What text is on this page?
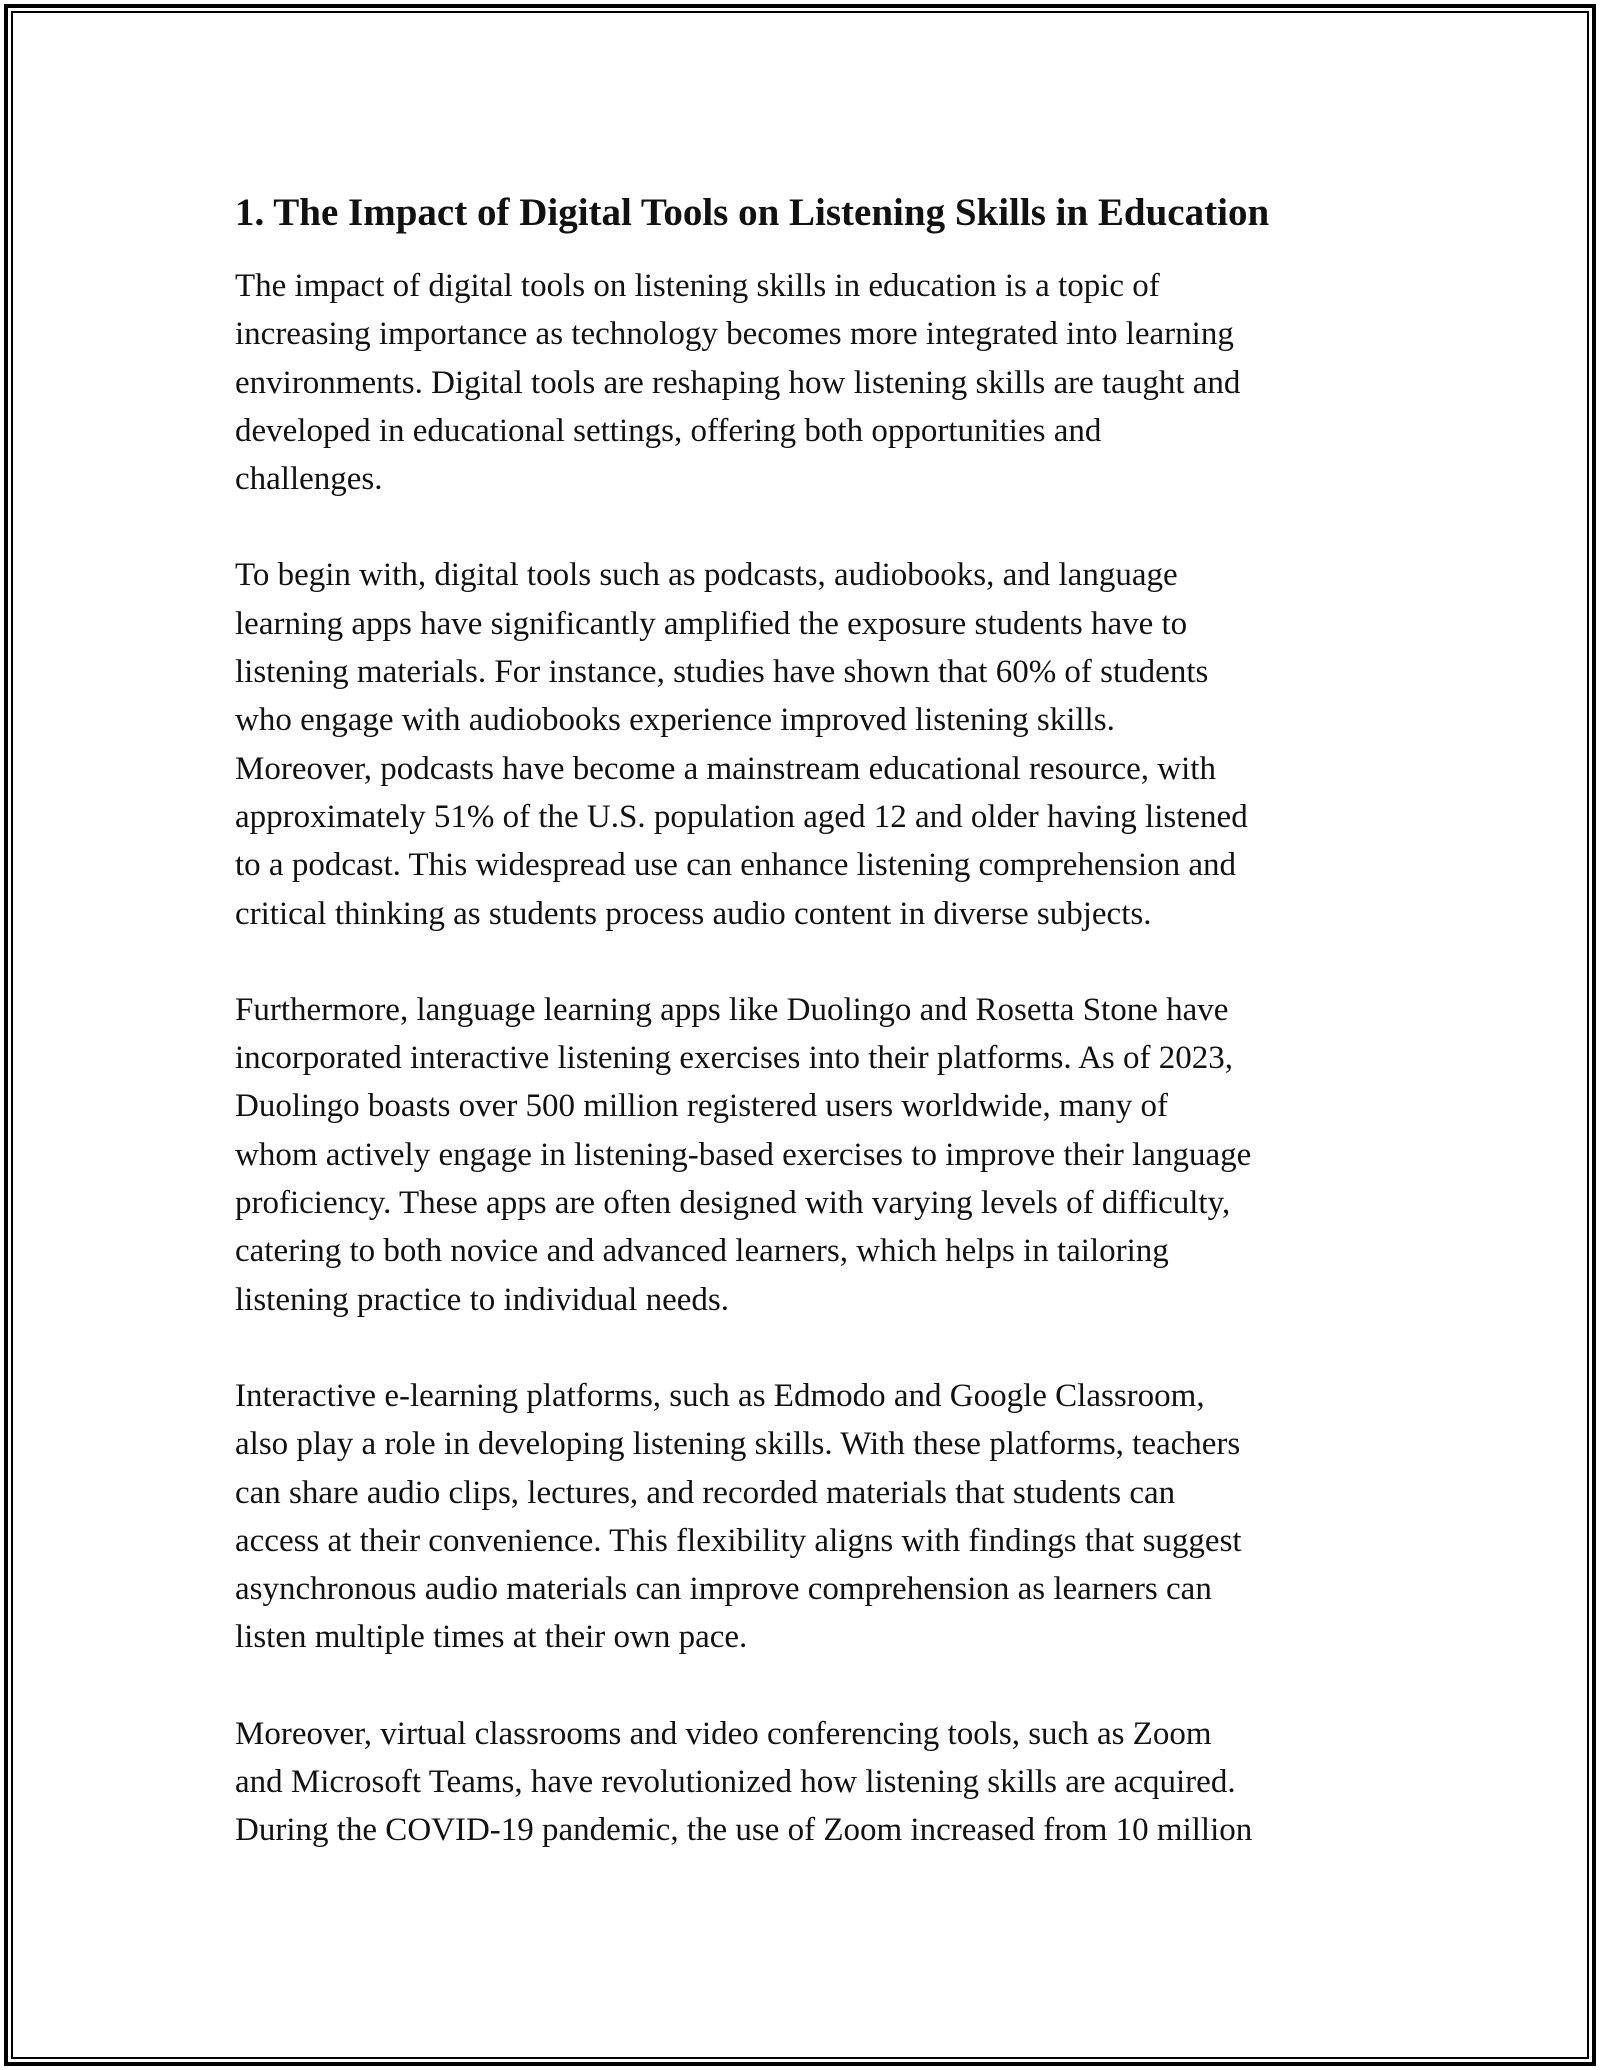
1. The Impact of Digital Tools on Listening Skills in Education

The impact of digital tools on listening skills in education is a topic of
increasing importance as technology becomes more integrated into learning
environments. Digital tools are reshaping how listening skills are taught and
developed in educational settings, offering both opportunities and
challenges.

To begin with, digital tools such as podcasts, audiobooks, and language
learning apps have significantly amplified the exposure students have to
listening materials. For instance, studies have shown that 60% of students
who engage with audiobooks experience improved listening skills.
Moreover, podcasts have become a mainstream educational resource, with
approximately 51% of the U.S. population aged 12 and older having listened
to a podcast. This widespread use can enhance listening comprehension and
critical thinking as students process audio content in diverse subjects.

Furthermore, language learning apps like Duolingo and Rosetta Stone have
incorporated interactive listening exercises into their platforms. As of 2023,
Duolingo boasts over 500 million registered users worldwide, many of
whom actively engage in listening-based exercises to improve their language
proficiency. These apps are often designed with varying levels of difficulty,
catering to both novice and advanced learners, which helps in tailoring
listening practice to individual needs.

Interactive e-learning platforms, such as Edmodo and Google Classroom,
also play a role in developing listening skills. With these platforms, teachers
can share audio clips, lectures, and recorded materials that students can
access at their convenience. This flexibility aligns with findings that suggest
asynchronous audio materials can improve comprehension as learners can
listen multiple times at their own pace.

Moreover, virtual classrooms and video conferencing tools, such as Zoom
and Microsoft Teams, have revolutionized how listening skills are acquired.
During the COVID-19 pandemic, the use of Zoom increased from 10 million
